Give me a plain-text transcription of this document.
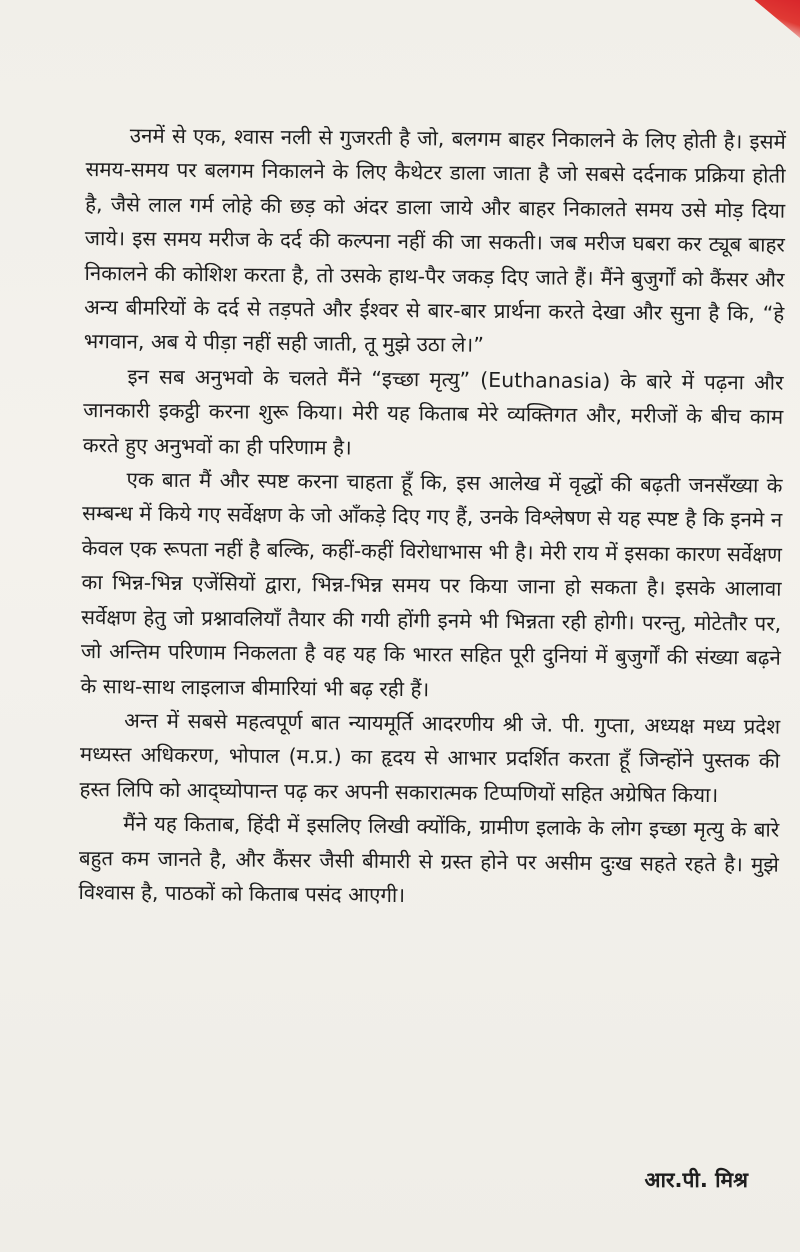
उनमें से एक, श्वास नली से गुजरती है जो, बलगम बाहर निकालने के लिए होती है। इसमें समय-समय पर बलगम निकालने के लिए कैथेटर डाला जाता है जो सबसे दर्दनाक प्रक्रिया होती है, जैसे लाल गर्म लोहे की छड़ को अंदर डाला जाये और बाहर निकालते समय उसे मोड़ दिया जाये। इस समय मरीज के दर्द की कल्पना नहीं की जा सकती। जब मरीज घबरा कर ट्यूब बाहर निकालने की कोशिश करता है, तो उसके हाथ-पैर जकड़ दिए जाते हैं। मैंने बुजुर्गों को कैंसर और अन्य बीमरियों के दर्द से तड़पते और ईश्वर से बार-बार प्रार्थना करते देखा और सुना है कि, “हे भगवान, अब ये पीड़ा नहीं सही जाती, तू मुझे उठा ले।”

इन सब अनुभवो के चलते मैंने “इच्छा मृत्यु” (Euthanasia) के बारे में पढ़ना और जानकारी इकट्ठी करना शुरू किया। मेरी यह किताब मेरे व्यक्तिगत और, मरीजों के बीच काम करते हुए अनुभवों का ही परिणाम है।

एक बात मैं और स्पष्ट करना चाहता हूँ कि, इस आलेख में वृद्धों की बढ़ती जनसँख्या के सम्बन्ध में किये गए सर्वेक्षण के जो आँकड़े दिए गए हैं, उनके विश्लेषण से यह स्पष्ट है कि इनमे न केवल एक रूपता नहीं है बल्कि, कहीं-कहीं विरोधाभास भी है। मेरी राय में इसका कारण सर्वेक्षण का भिन्न-भिन्न एजेंसियों द्वारा, भिन्न-भिन्न समय पर किया जाना हो सकता है। इसके आलावा सर्वेक्षण हेतु जो प्रश्नावलियाँ तैयार की गयी होंगी इनमे भी भिन्नता रही होगी। परन्तु, मोटेतौर पर, जो अन्तिम परिणाम निकलता है वह यह कि भारत सहित पूरी दुनियां में बुजुर्गों की संख्या बढ़ने के साथ-साथ लाइलाज बीमारियां भी बढ़ रही हैं।

अन्त में सबसे महत्वपूर्ण बात न्यायमूर्ति आदरणीय श्री जे. पी. गुप्ता, अध्यक्ष मध्य प्रदेश मध्यस्त अधिकरण, भोपाल (म.प्र.) का हृदय से आभार प्रदर्शित करता हूँ जिन्होंने पुस्तक की हस्त लिपि को आद्घ्योपान्त पढ़ कर अपनी सकारात्मक टिप्पणियों सहित अग्रेषित किया।

मैंने यह किताब, हिंदी में इसलिए लिखी क्योंकि, ग्रामीण इलाके के लोग इच्छा मृत्यु के बारे बहुत कम जानते है, और कैंसर जैसी बीमारी से ग्रस्त होने पर असीम दुःख सहते रहते है। मुझे विश्वास है, पाठकों को किताब पसंद आएगी।

आर.पी. मिश्र
